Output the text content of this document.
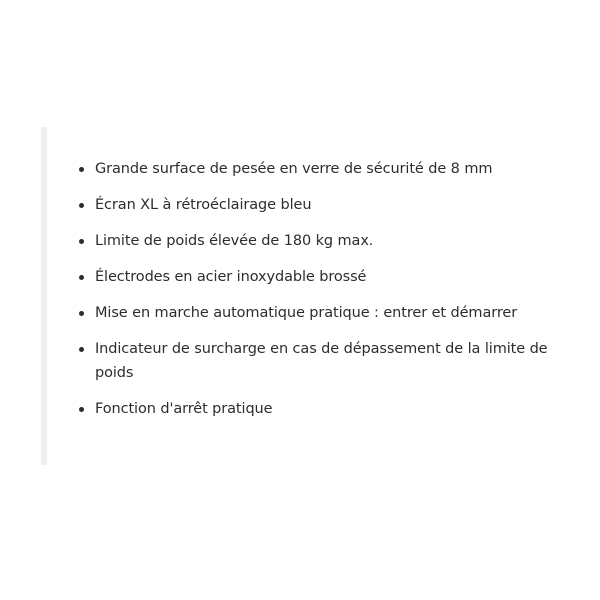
Grande surface de pesée en verre de sécurité de 8 mm
Écran XL à rétroéclairage bleu
Limite de poids élevée de 180 kg max.
Électrodes en acier inoxydable brossé
Mise en marche automatique pratique : entrer et démarrer
Indicateur de surcharge en cas de dépassement de la limite de poids
Fonction d'arrêt pratique
